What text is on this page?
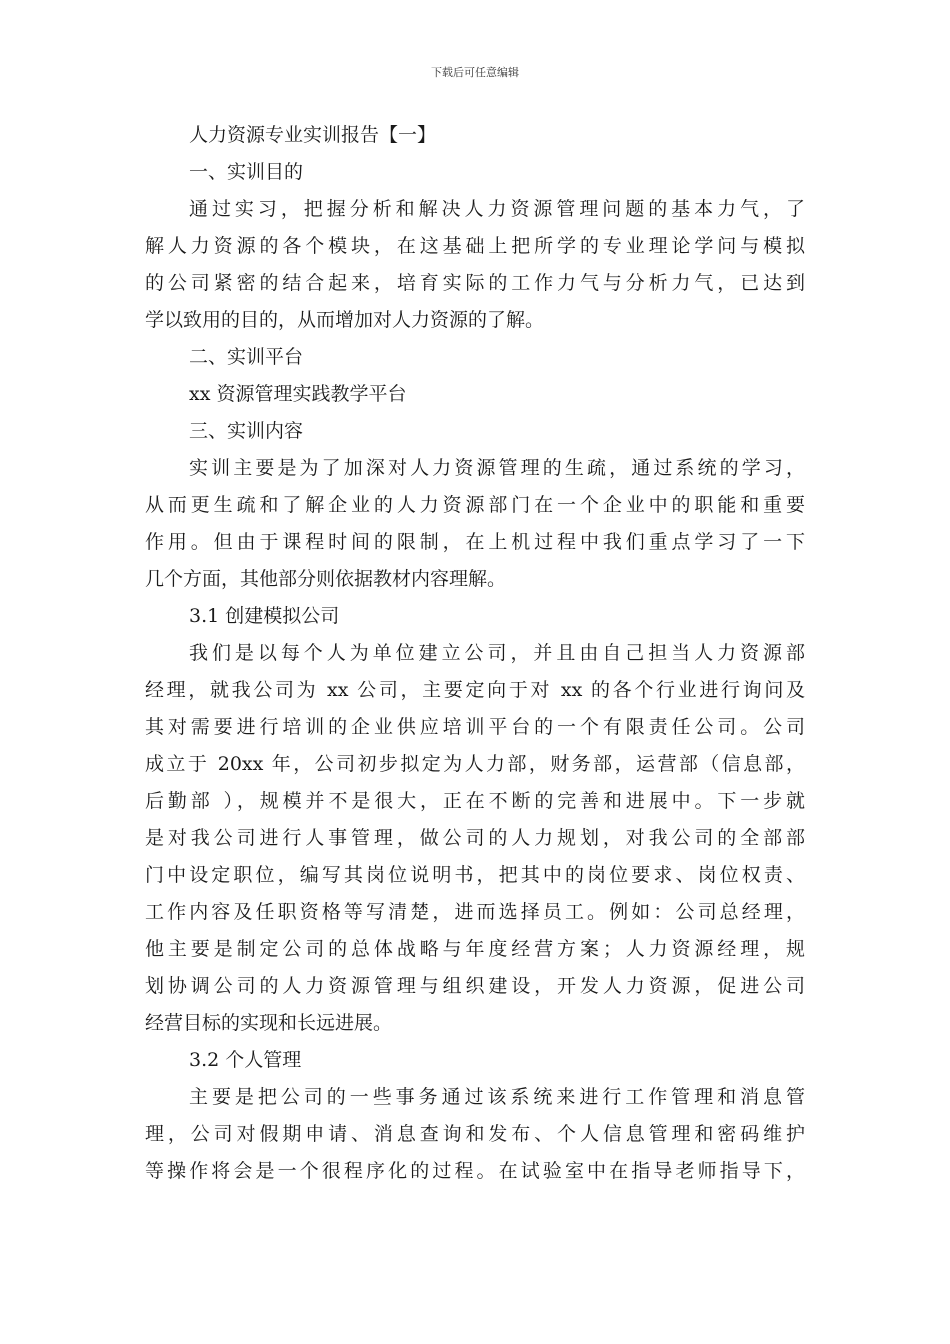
下载后可任意编辑
人力资源专业实训报告【一】
一、实训目的
通过实习，把握分析和解决人力资源管理问题的基本力气，了
解人力资源的各个模块，在这基础上把所学的专业理论学问与模拟
的公司紧密的结合起来，培育实际的工作力气与分析力气，已达到
学以致用的目的，从而增加对人力资源的了解。
二、实训平台
xx 资源管理实践教学平台
三、实训内容
实训主要是为了加深对人力资源管理的生疏，通过系统的学习，
从而更生疏和了解企业的人力资源部门在一个企业中的职能和重要
作用。但由于课程时间的限制，在上机过程中我们重点学习了一下
几个方面，其他部分则依据教材内容理解。
3.1 创建模拟公司
我们是以每个人为单位建立公司，并且由自己担当人力资源部
经理，就我公司为 xx 公司，主要定向于对 xx 的各个行业进行询问及
其对需要进行培训的企业供应培训平台的一个有限责任公司。公司
成立于 20xx 年，公司初步拟定为人力部，财务部，运营部（信息部，
后勤部 ），规模并不是很大，正在不断的完善和进展中。下一步就
是对我公司进行人事管理，做公司的人力规划，对我公司的全部部
门中设定职位，编写其岗位说明书，把其中的岗位要求、岗位权责、
工作内容及任职资格等写清楚，进而选择员工。例如：公司总经理，
他主要是制定公司的总体战略与年度经营方案；人力资源经理，规
划协调公司的人力资源管理与组织建设，开发人力资源，促进公司
经营目标的实现和长远进展。
3.2 个人管理
主要是把公司的一些事务通过该系统来进行工作管理和消息管
理，公司对假期申请、消息查询和发布、个人信息管理和密码维护
等操作将会是一个很程序化的过程。在试验室中在指导老师指导下，
